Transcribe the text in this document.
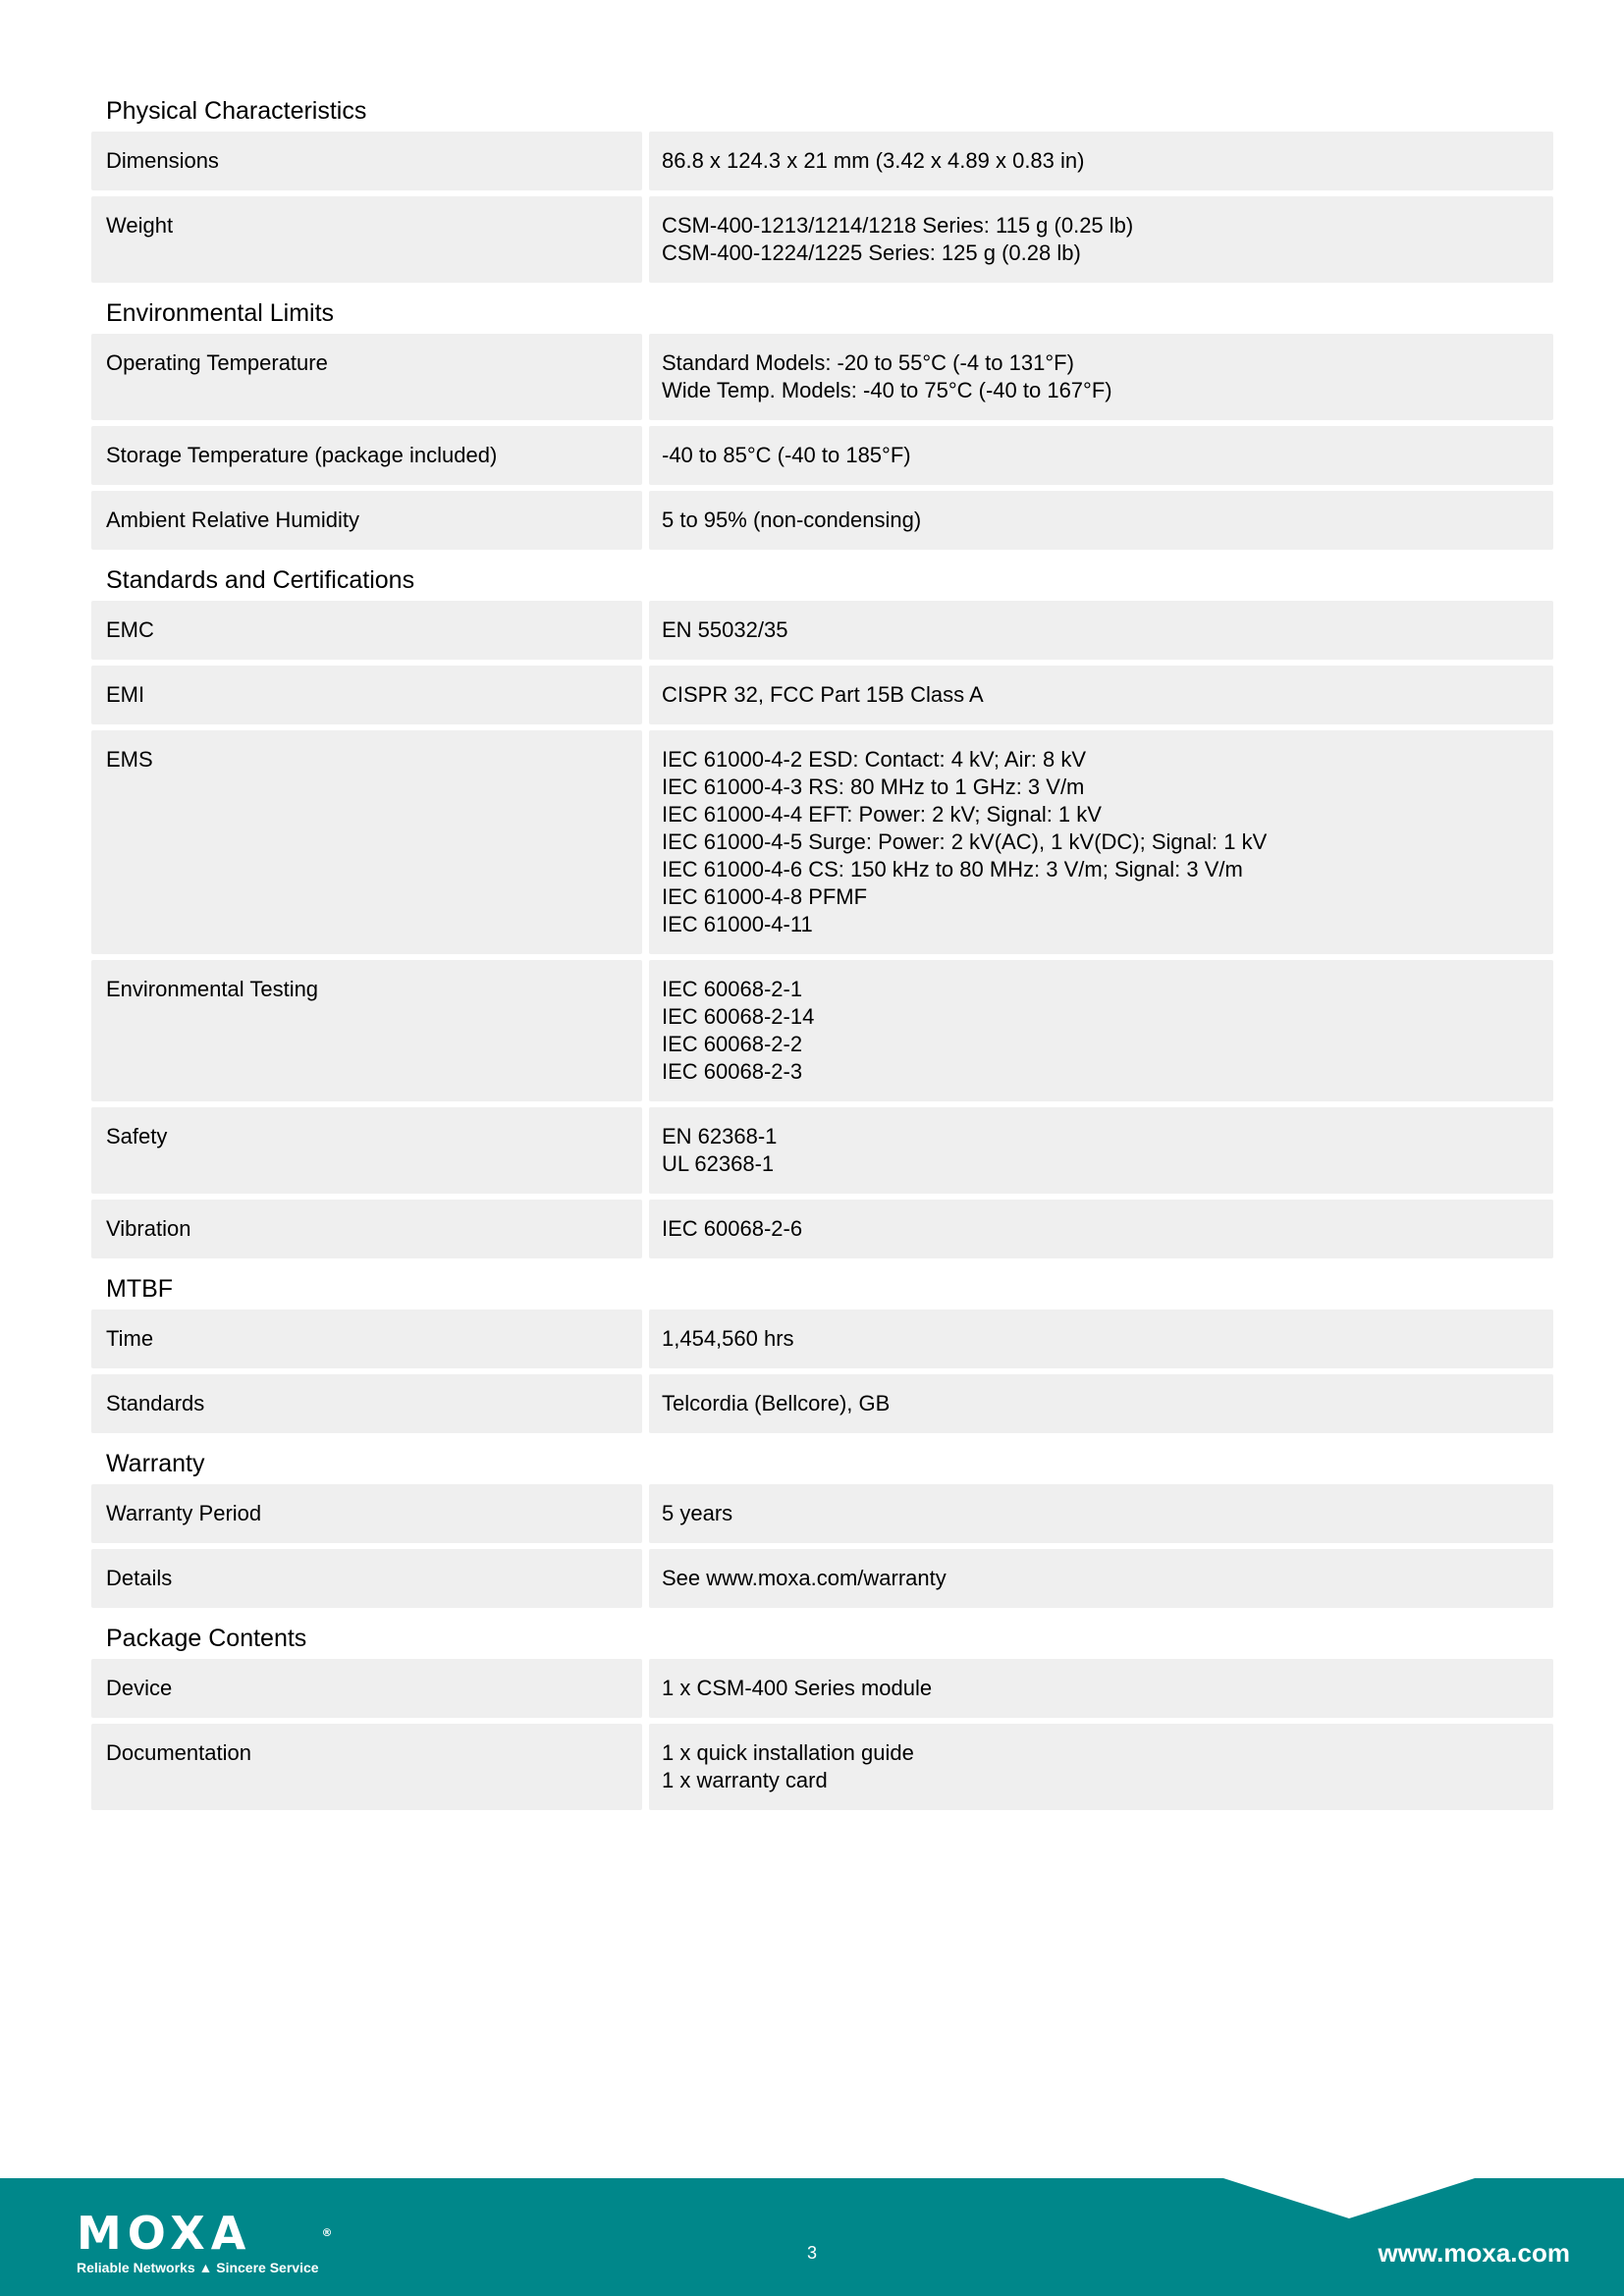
Physical Characteristics
Dimensions	86.8 x 124.3 x 21 mm (3.42 x 4.89 x 0.83 in)
Weight	CSM-400-1213/1214/1218 Series: 115 g (0.25 lb)
CSM-400-1224/1225 Series: 125 g (0.28 lb)
Environmental Limits
Operating Temperature	Standard Models: -20 to 55°C (-4 to 131°F)
Wide Temp. Models: -40 to 75°C (-40 to 167°F)
Storage Temperature (package included)	-40 to 85°C (-40 to 185°F)
Ambient Relative Humidity	5 to 95% (non-condensing)
Standards and Certifications
EMC	EN 55032/35
EMI	CISPR 32, FCC Part 15B Class A
EMS	IEC 61000-4-2 ESD: Contact: 4 kV; Air: 8 kV
IEC 61000-4-3 RS: 80 MHz to 1 GHz: 3 V/m
IEC 61000-4-4 EFT: Power: 2 kV; Signal: 1 kV
IEC 61000-4-5 Surge: Power: 2 kV(AC), 1 kV(DC); Signal: 1 kV
IEC 61000-4-6 CS: 150 kHz to 80 MHz: 3 V/m; Signal: 3 V/m
IEC 61000-4-8 PFMF
IEC 61000-4-11
Environmental Testing	IEC 60068-2-1
IEC 60068-2-14
IEC 60068-2-2
IEC 60068-2-3
Safety	EN 62368-1
UL 62368-1
Vibration	IEC 60068-2-6
MTBF
Time	1,454,560 hrs
Standards	Telcordia (Bellcore), GB
Warranty
Warranty Period	5 years
Details	See www.moxa.com/warranty
Package Contents
Device	1 x CSM-400 Series module
Documentation	1 x quick installation guide
1 x warranty card
MOXA	®
Reliable Networks ▲ Sincere Service
3	www.moxa.com
